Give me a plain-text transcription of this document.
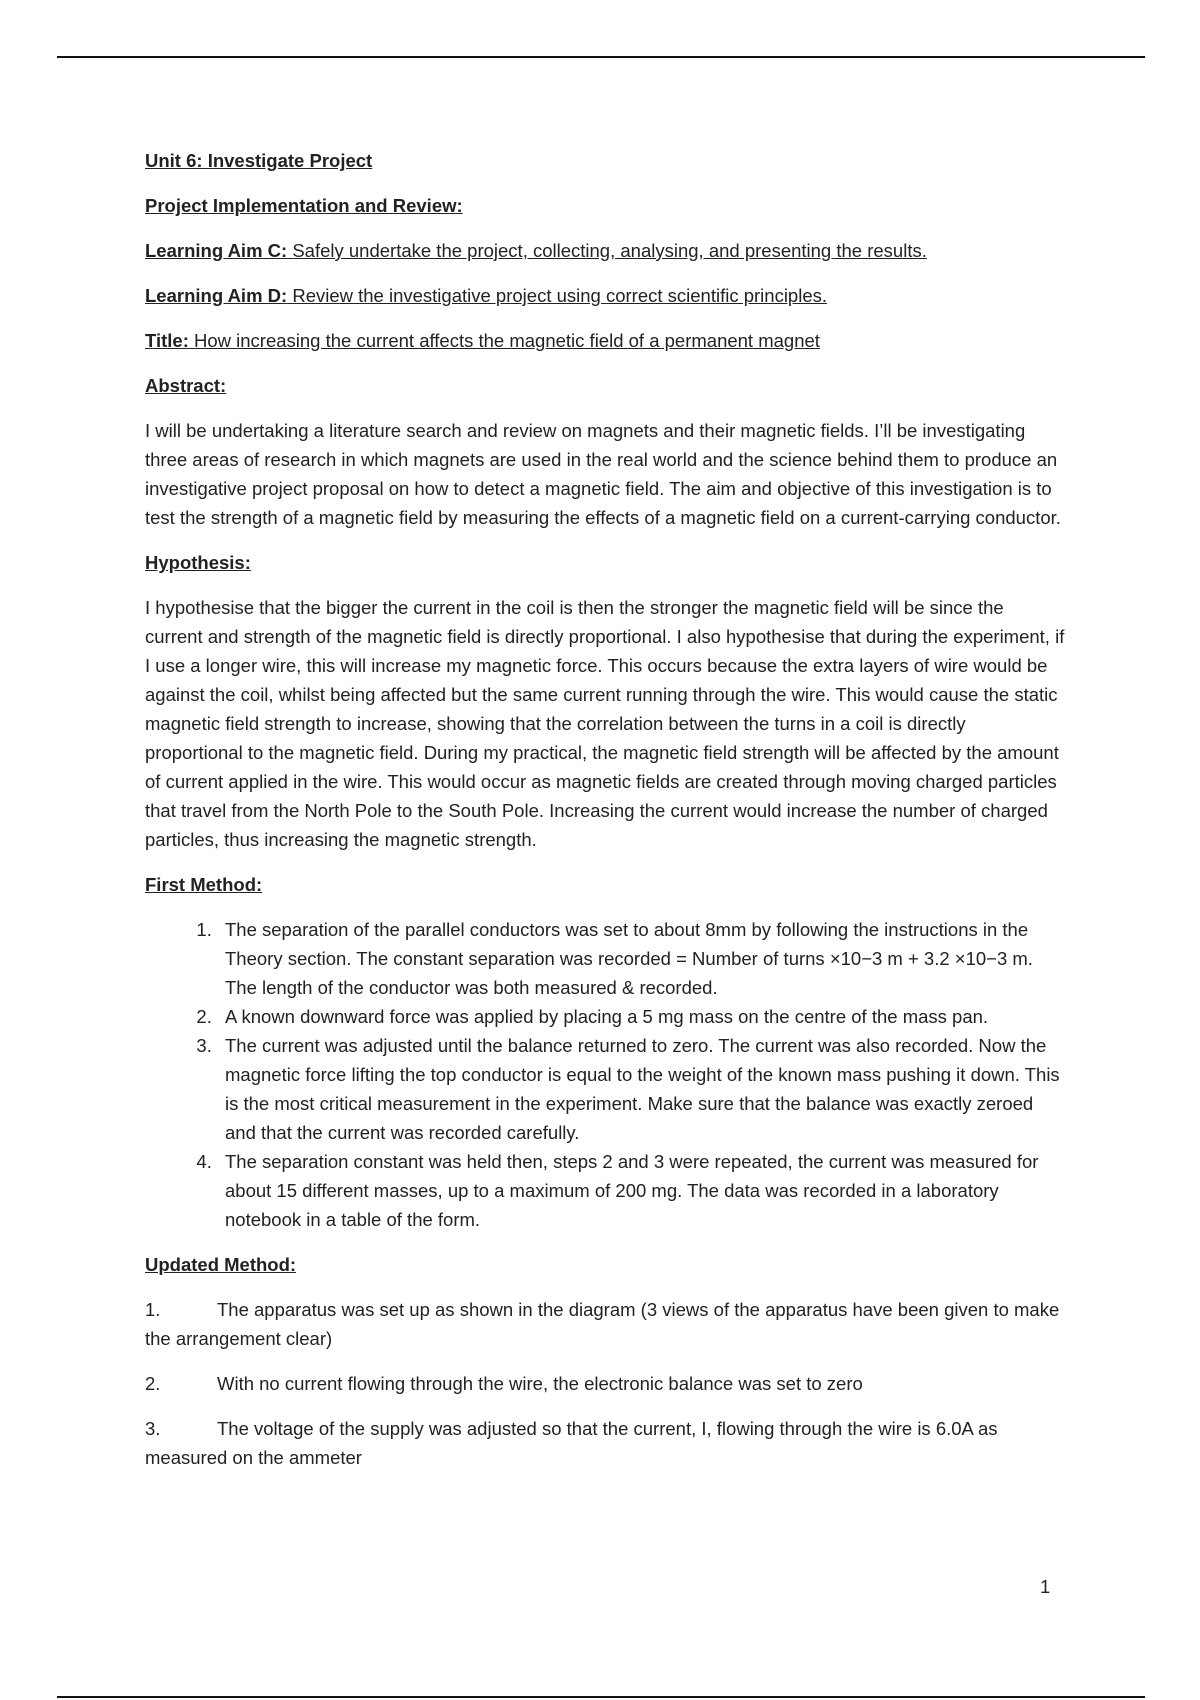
Unit 6: Investigate Project

Project Implementation and Review:

Learning Aim C: Safely undertake the project, collecting, analysing, and presenting the results.

Learning Aim D: Review the investigative project using correct scientific principles.

Title: How increasing the current affects the magnetic field of a permanent magnet

Abstract:

I will be undertaking a literature search and review on magnets and their magnetic fields. I’ll be investigating three areas of research in which magnets are used in the real world and the science behind them to produce an investigative project proposal on how to detect a magnetic field. The aim and objective of this investigation is to test the strength of a magnetic field by measuring the effects of a magnetic field on a current-carrying conductor.

Hypothesis:

I hypothesise that the bigger the current in the coil is then the stronger the magnetic field will be since the current and strength of the magnetic field is directly proportional. I also hypothesise that during the experiment, if I use a longer wire, this will increase my magnetic force. This occurs because the extra layers of wire would be against the coil, whilst being affected but the same current running through the wire. This would cause the static magnetic field strength to increase, showing that the correlation between the turns in a coil is directly proportional to the magnetic field. During my practical, the magnetic field strength will be affected by the amount of current applied in the wire. This would occur as magnetic fields are created through moving charged particles that travel from the North Pole to the South Pole. Increasing the current would increase the number of charged particles, thus increasing the magnetic strength.

First Method:

1. The separation of the parallel conductors was set to about 8mm by following the instructions in the Theory section. The constant separation was recorded = Number of turns ×10−3 m + 3.2 ×10−3 m. The length of the conductor was both measured & recorded.
2. A known downward force was applied by placing a 5 mg mass on the centre of the mass pan.
3. The current was adjusted until the balance returned to zero. The current was also recorded. Now the magnetic force lifting the top conductor is equal to the weight of the known mass pushing it down. This is the most critical measurement in the experiment. Make sure that the balance was exactly zeroed and that the current was recorded carefully.
4. The separation constant was held then, steps 2 and 3 were repeated, the current was measured for about 15 different masses, up to a maximum of 200 mg. The data was recorded in a laboratory notebook in a table of the form.

Updated Method:

1.	The apparatus was set up as shown in the diagram (3 views of the apparatus have been given to make the arrangement clear)

2.	With no current flowing through the wire, the electronic balance was set to zero

3.	The voltage of the supply was adjusted so that the current, I, flowing through the wire is 6.0A as measured on the ammeter

1
